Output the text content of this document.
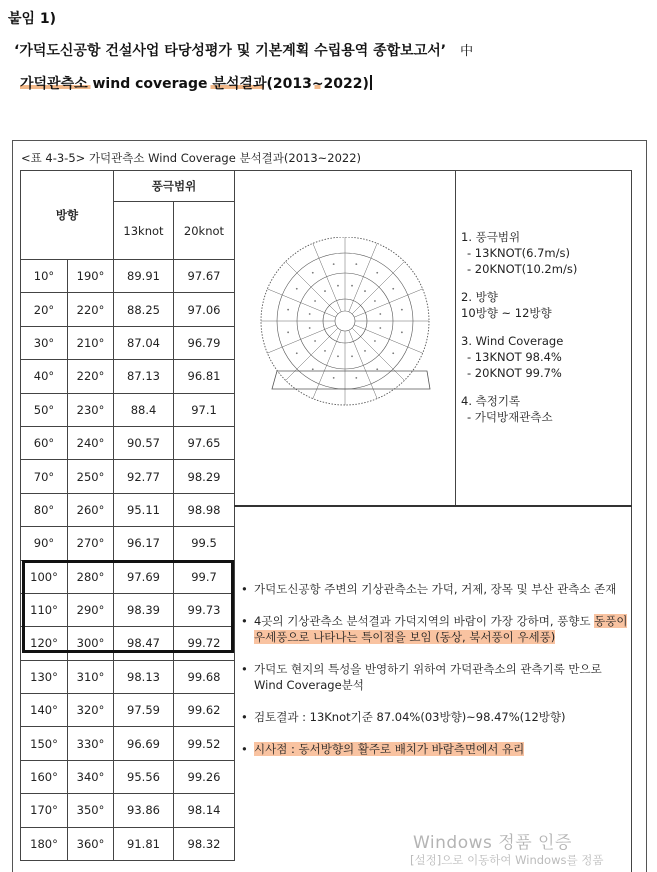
붙임 1)
‘가덕도신공항 건설사업 타당성평가 및 기본계획 수립용역 종합보고서’ 中
가덕관측소 wind coverage 분석결과(2013~2022)
<표 4-3-5> 가덕관측소 Wind Coverage 분석결과(2013~2022)
방향		풍극범위	
		13knot	20knot
10°	190°	89.91	97.67
20°	220°	88.25	97.06
30°	210°	87.04	96.79
40°	220°	87.13	96.81
50°	230°	88.4	97.1
60°	240°	90.57	97.65
70°	250°	92.77	98.29
80°	260°	95.11	98.98
90°	270°	96.17	99.5
100°	280°	97.69	99.7
110°	290°	98.39	99.73
120°	300°	98.47	99.72
130°	310°	98.13	99.68
140°	320°	97.59	99.62
150°	330°	96.69	99.52
160°	340°	95.56	99.26
170°	350°	93.86	98.14
180°	360°	91.81	98.32
1. 풍극범위
- 13KNOT(6.7m/s)
- 20KNOT(10.2m/s)
2. 방향
10방향 ~ 12방향
3. Wind Coverage
- 13KNOT 98.4%
- 20KNOT 99.7%
4. 측정기록
- 가덕방재관측소
• 가덕도신공항 주변의 기상관측소는 가덕, 거제, 장목 및 부산 관측소 존재
• 4곳의 기상관측소 분석결과 가덕지역의 바람이 가장 강하며, 풍향도 동풍이 우세풍으로 나타나는 특이점을 보임 (동상, 북서풍이 우세풍)
• 가덕도 현지의 특성을 반영하기 위하여 가덕관측소의 관측기록 만으로 Wind Coverage분석
• 검토결과 : 13Knot기준 87.04%(03방향)~98.47%(12방향)
• 시사점 : 동서방향의 활주로 배치가 바람측면에서 유리
Windows 정품 인증
[설정]으로 이동하여 Windows를 정품
